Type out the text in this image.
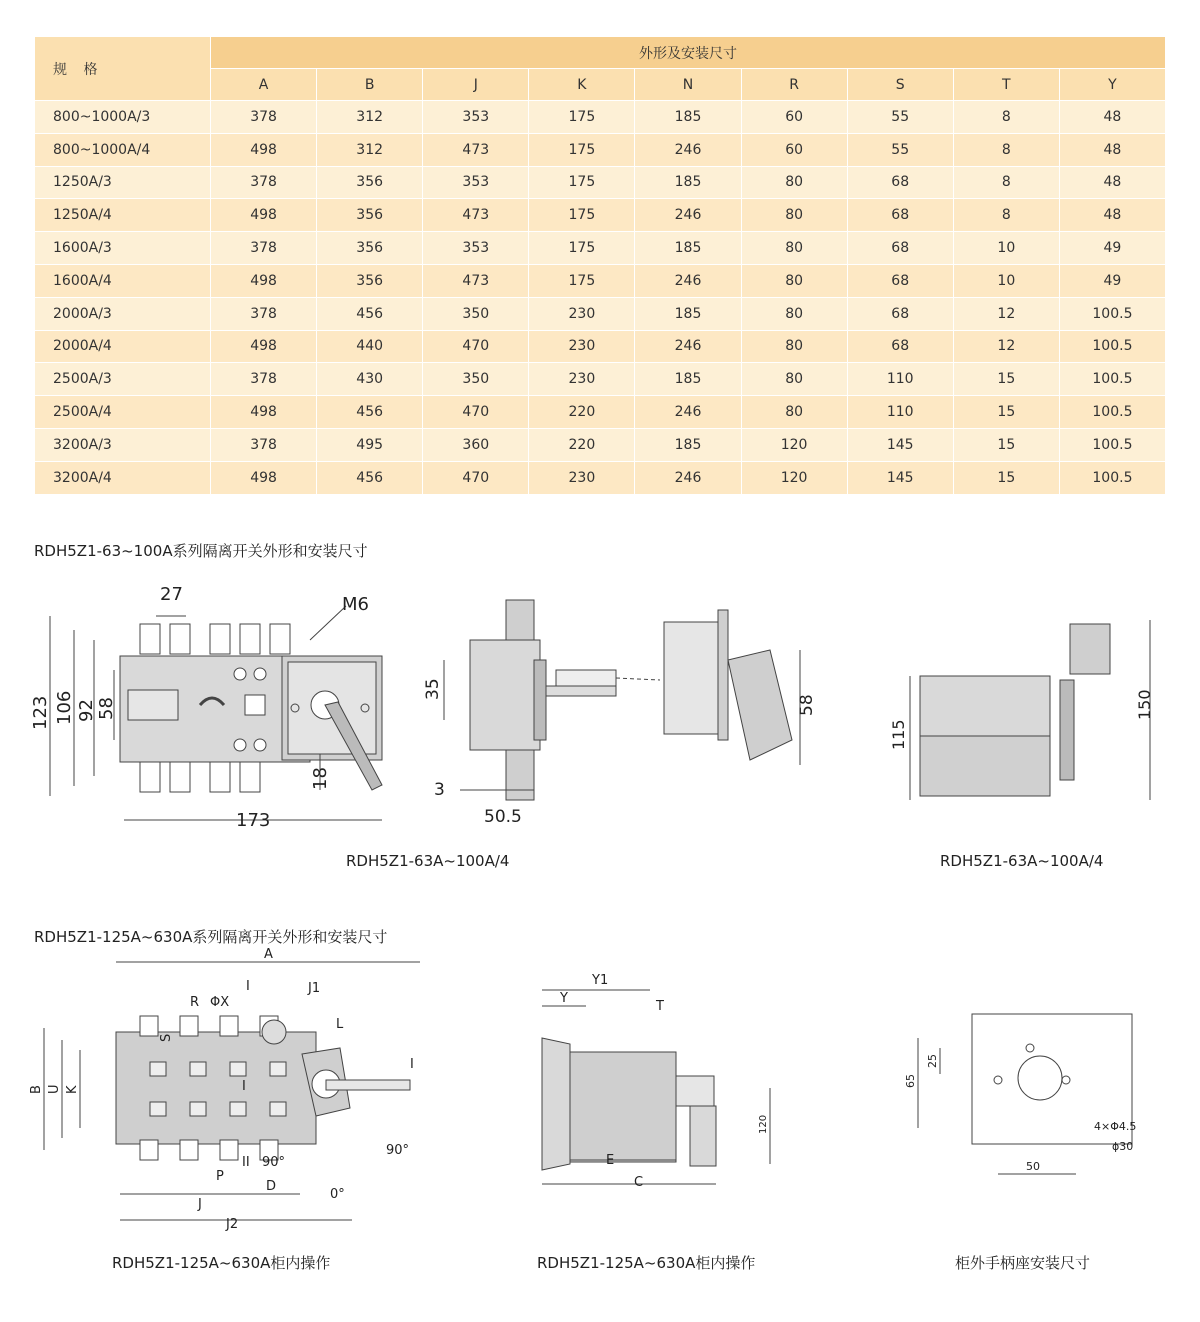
规 格	外形及安装尺寸								
	A	B	J	K	N	R	S	T	Y
800~1000A/3	378	312	353	175	185	60	55	8	48
800~1000A/4	498	312	473	175	246	60	55	8	48
1250A/3	378	356	353	175	185	80	68	8	48
1250A/4	498	356	473	175	246	80	68	8	48
1600A/3	378	356	353	175	185	80	68	10	49
1600A/4	498	356	473	175	246	80	68	10	49
2000A/3	378	456	350	230	185	80	68	12	100.5
2000A/4	498	440	470	230	246	80	68	12	100.5
2500A/3	378	430	350	230	185	80	110	15	100.5
2500A/4	498	456	470	220	246	80	110	15	100.5
3200A/3	378	495	360	220	185	120	145	15	100.5
3200A/4	498	456	470	230	246	120	145	15	100.5
RDH5Z1-63~100A系列隔离开关外形和安装尺寸
27	M6
123 106 92 58
18
173
35
3
50.5
58
115
150
RDH5Z1-63A~100A/4	RDH5Z1-63A~100A/4
RDH5Z1-125A~630A系列隔离开关外形和安装尺寸
A
J1
R ΦX
I
S
L
B U K	I
I
II 90°
90°
0°
P
D
J
J2
Y1
Y
T
E
C
120
65
25
4×Φ4.5
ϕ30
50
RDH5Z1-125A~630A柜内操作	RDH5Z1-125A~630A柜内操作	柜外手柄座安装尺寸
